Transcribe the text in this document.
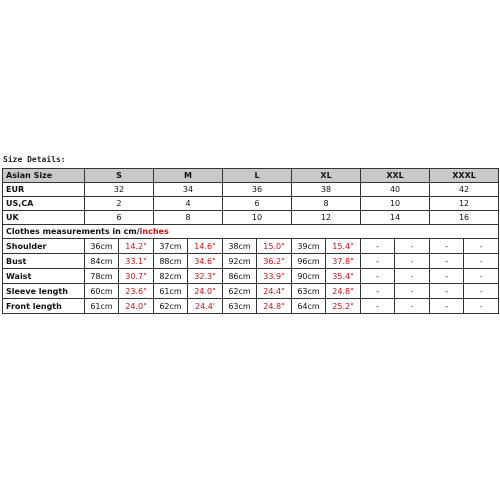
Size Details:
Asian Size	S		M		L		XL		XXL		XXXL	
EUR	32		34		36		38		40		42	
US,CA	2		4		6		8		10		12	
UK	6		8		10		12		14		16	
Clothes measurements in cm/inches												
Shoulder	36cm	14.2"	37cm	14.6"	38cm	15.0"	39cm	15.4"	-	-	-	-
Bust	84cm	33.1"	88cm	34.6"	92cm	36.2"	96cm	37.8"	-	-	-	-
Waist	78cm	30.7"	82cm	32.3"	86cm	33.9"	90cm	35.4"	-	-	-	-
Sleeve length	60cm	23.6"	61cm	24.0"	62cm	24.4"	63cm	24.8"	-	-	-	-
Front length	61cm	24.0"	62cm	24.4'	63cm	24.8"	64cm	25.2"	-	-	-	-
